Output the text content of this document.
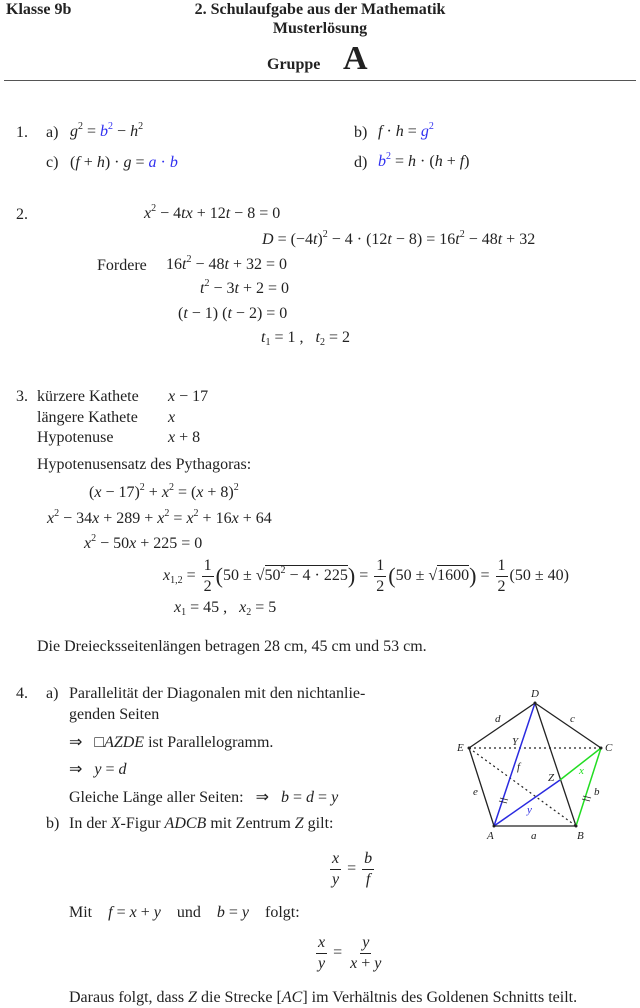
Klasse 9b	2. Schulaufgabe aus der Mathematik
Musterlösung
Gruppe A
1. a) $g^2 = b^2 - h^2$	b) $f \cdot h = g^2$
c) (f + h) · g = a · b	d) $b^2 = h \cdot (h + f)$
2.	$x^2 - 4tx + 12t - 8 = 0$
$D = (-4t)^2 - 4 \cdot (12t - 8) = 16t^2 - 48t + 32$
Fordere $16t^2 - 48t + 32 = 0$
$t^2 - 3t + 2 = 0$
(t − 1) (t − 2) = 0
$t_1 = 1$ ,   $t_2 = 2$
3. kürzere Kathete x − 17
längere Kathete x
Hypotenuse	x + 8
Hypotenusensatz des Pythagoras:
$(x - 17)^2 + x^2 = (x + 8)^2$
$x^2 - 34x + 289 + x^2 = x^2 + 16x + 64$
$x^2 - 50x + 225 = 0$
$x_{1,2} = \frac{1}{2} (50 \pm √50^2 - 4 \cdot 225) = \frac{1}{2} (50 \pm √1600) = \frac{1}{2} (50 \pm 40)$
$x_1 = 45$ ,   $x_2 = 5$
Die Dreiecksseitenlängen betragen 28 cm, 45 cm und 53 cm.
4. a) Parallelität der Diagonalen mit den nichtanlie-
genden Seiten
⇒   □AZDE ist Parallelogramm.
⇒   y = d
Gleiche Länge aller Seiten:   ⇒   b = d = y
b) In der X-Figur ADCB mit Zentrum Z gilt:
$\frac{x}{y} = \frac{b}{f}$
Mit f = x + y und b = y folgt:
$\frac{x}{y} = \frac{y}{x + y}$
Daraus folgt, dass Z die Strecke [AC] im Verhältnis des Goldenen Schnitts teilt.
D
C
B
A
E
Z
Y
d	c
a
e	b
f	x
y
